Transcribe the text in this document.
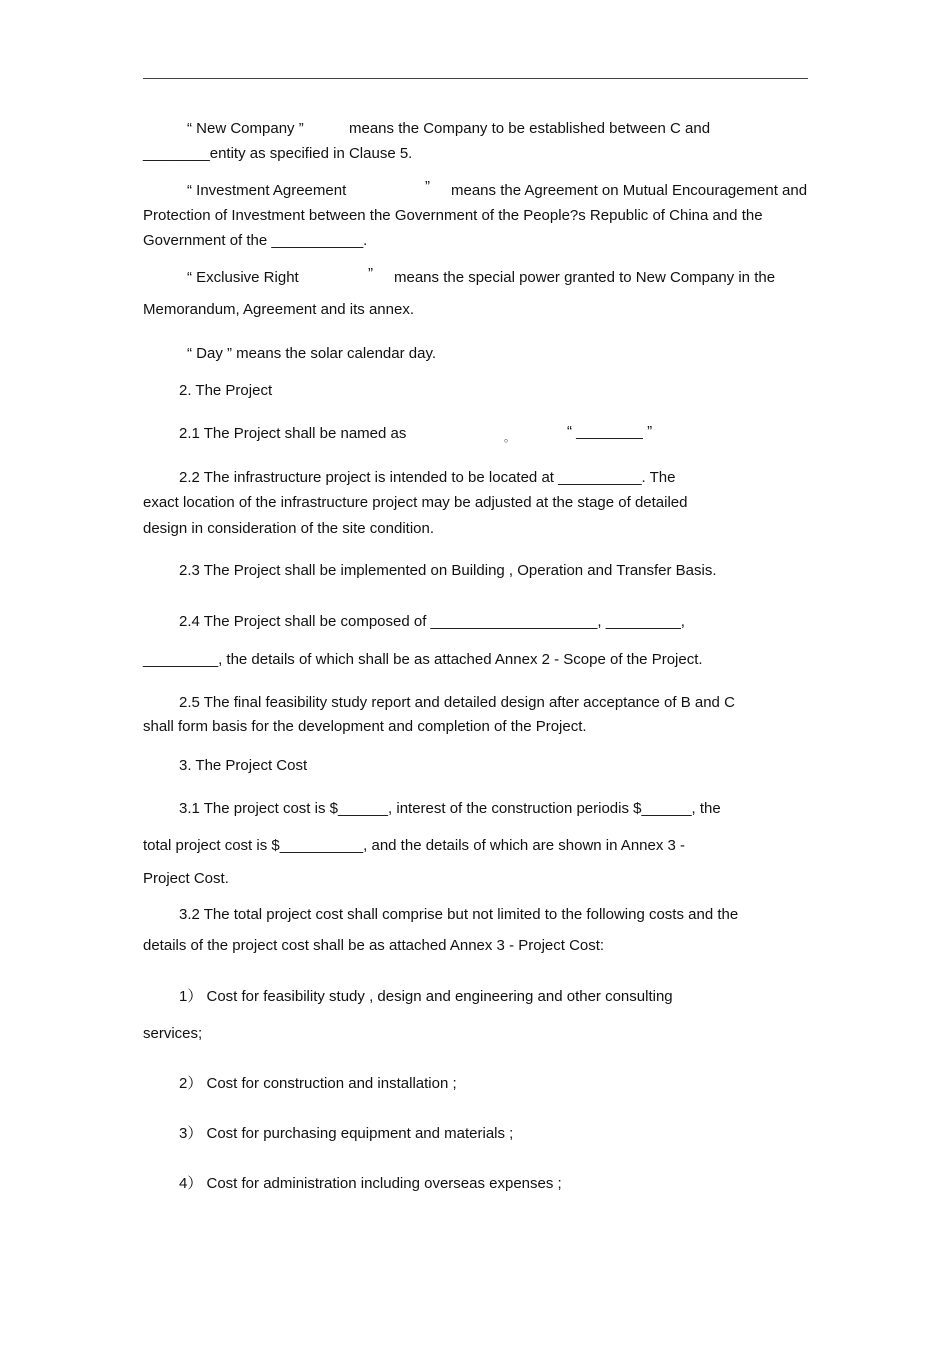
“ New Company ”	means the Company to be established between C and
________entity as specified in Clause 5.
“ Investment Agreement	” means the Agreement on Mutual Encouragement and
Protection of Investment between the Government of the People?s Republic of China and the
Government of the ___________.
“ Exclusive Right	” means the special power granted to New Company in the
Memorandum, Agreement and its annex.
“ Day ” means the solar calendar day.
2. The Project
2.1 The Project shall be named as	。	“ ________ ”
2.2 The infrastructure project is intended to be located at __________. The
exact location of the infrastructure project may be adjusted at the stage of detailed
design in consideration of the site condition.
2.3 The Project shall be implemented on Building , Operation and Transfer Basis.
2.4 The Project shall be composed of ____________________, _________,
_________, the details of which shall be as attached Annex 2 - Scope of the Project.
2.5 The final feasibility study report and detailed design after acceptance of B and C
shall form basis for the development and completion of the Project.
3. The Project Cost
3.1 The project cost is $______, interest of the construction periodis $______, the
total project cost is $__________, and the details of which are shown in Annex 3 -
Project Cost.
3.2 The total project cost shall comprise but not limited to the following costs and the
details of the project cost shall be as attached Annex 3 - Project Cost:
1） Cost for feasibility study , design and engineering and other consulting
services;
2） Cost for construction and installation ;
3） Cost for purchasing equipment and materials ;
4） Cost for administration including overseas expenses ;
